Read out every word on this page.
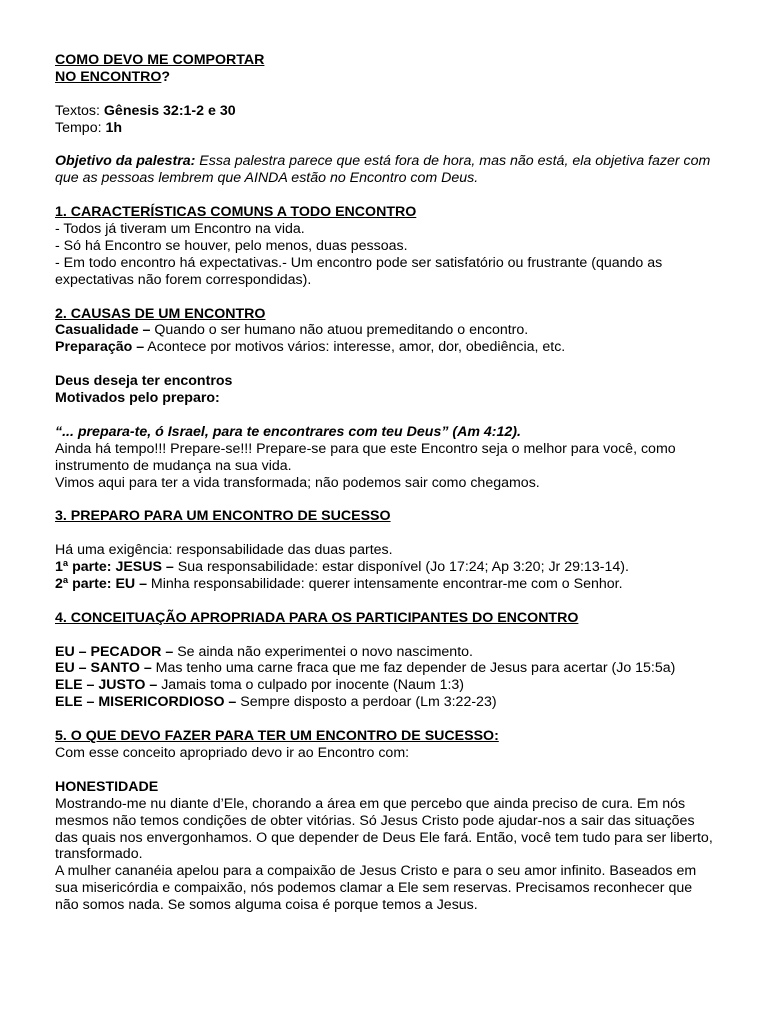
COMO DEVO ME COMPORTAR

NO ENCONTRO?

Textos: Gênesis 32:1-2 e 30

Tempo: 1h

Objetivo da palestra: Essa palestra parece que está fora de hora, mas não está, ela objetiva fazer com que as pessoas lembrem que AINDA estão no Encontro com Deus.

1. CARACTERÍSTICAS COMUNS A TODO ENCONTRO

- Todos já tiveram um Encontro na vida.

- Só há Encontro se houver, pelo menos, duas pessoas.

- Em todo encontro há expectativas.- Um encontro pode ser satisfatório ou frustrante (quando as expectativas não forem correspondidas).

2. CAUSAS DE UM ENCONTRO

Casualidade – Quando o ser humano não atuou premeditando o encontro.

Preparação – Acontece por motivos vários: interesse, amor, dor, obediência, etc.

Deus deseja ter encontros

Motivados pelo preparo:

“... prepara-te, ó Israel, para te encontrares com teu Deus” (Am 4:12).

Ainda há tempo!!! Prepare-se!!! Prepare-se para que este Encontro seja o melhor para você, como instrumento de mudança na sua vida.

Vimos aqui para ter a vida transformada; não podemos sair como chegamos.

3. PREPARO PARA UM ENCONTRO DE SUCESSO

Há uma exigência: responsabilidade das duas partes.

1ª parte: JESUS – Sua responsabilidade: estar disponível (Jo 17:24; Ap 3:20; Jr 29:13-14).

2ª parte: EU – Minha responsabilidade: querer intensamente encontrar-me com o Senhor.

4. CONCEITUAÇÃO APROPRIADA PARA OS PARTICIPANTES DO ENCONTRO

EU – PECADOR – Se ainda não experimentei o novo nascimento.

EU – SANTO – Mas tenho uma carne fraca que me faz depender de Jesus para acertar (Jo 15:5a)

ELE – JUSTO – Jamais toma o culpado por inocente (Naum 1:3)

ELE – MISERICORDIOSO – Sempre disposto a perdoar (Lm 3:22-23)

5. O QUE DEVO FAZER PARA TER UM ENCONTRO DE SUCESSO:

Com esse conceito apropriado devo ir ao Encontro com:

HONESTIDADE

Mostrando-me nu diante d’Ele, chorando a área em que percebo que ainda preciso de cura. Em nós mesmos não temos condições de obter vitórias. Só Jesus Cristo pode ajudar-nos a sair das situações das quais nos envergonhamos. O que depender de Deus Ele fará. Então, você tem tudo para ser liberto, transformado.

A mulher cananéia apelou para a compaixão de Jesus Cristo e para o seu amor infinito. Baseados em sua misericórdia e compaixão, nós podemos clamar a Ele sem reservas. Precisamos reconhecer que não somos nada. Se somos alguma coisa é porque temos a Jesus.
